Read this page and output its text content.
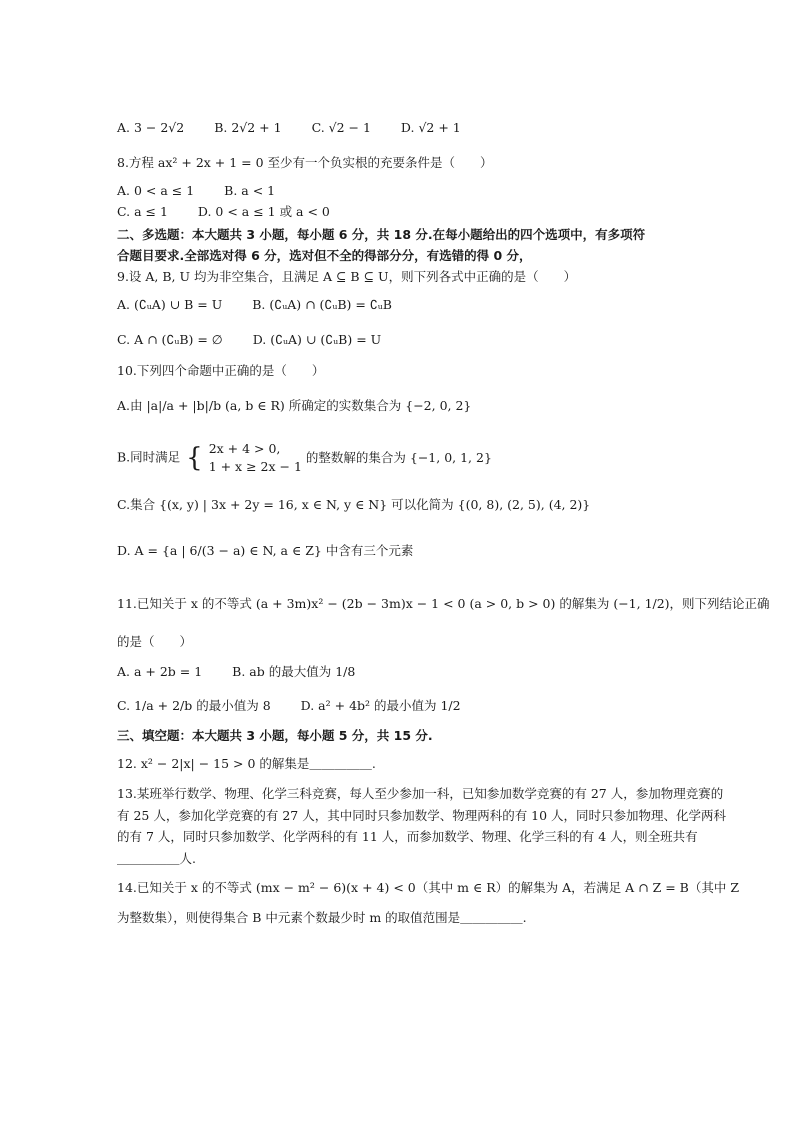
A. 3 − 2√2 B. 2√2 + 1 C. √2 − 1 D. √2 + 1
8.方程 ax² + 2x + 1 = 0 至少有一个负实根的充要条件是（　　）
A. 0 < a ≤ 1 B. a < 1
C. a ≤ 1 D. 0 < a ≤ 1 或 a < 0
二、多选题：本大题共 3 小题，每小题 6 分，共 18 分.在每小题给出的四个选项中，有多项符
合题目要求.全部选对得 6 分，选对但不全的得部分分，有选错的得 0 分，
9.设 A, B, U 均为非空集合，且满足 A ⊆ B ⊆ U，则下列各式中正确的是（　　）
A. (∁ᵤA) ∪ B = U B. (∁ᵤA) ∩ (∁ᵤB) = ∁ᵤB
C. A ∩ (∁ᵤB) = ∅ D. (∁ᵤA) ∪ (∁ᵤB) = U
10.下列四个命题中正确的是（　　）
A.由 |a|/a + |b|/b (a, b ∈ R) 所确定的实数集合为 {−2, 0, 2}
B.同时满足 { 2x + 4 > 0,
1 + x ≥ 2x − 1
的整数解的集合为 {−1, 0, 1, 2}
C.集合 {(x, y) | 3x + 2y = 16, x ∈ N, y ∈ N} 可以化简为 {(0, 8), (2, 5), (4, 2)}
D. A = {a | 6/(3 − a) ∈ N, a ∈ Z} 中含有三个元素
11.已知关于 x 的不等式 (a + 3m)x² − (2b − 3m)x − 1 < 0 (a > 0, b > 0) 的解集为 (−1, 1/2)，则下列结论正确
的是（　　）
A. a + 2b = 1 B. ab 的最大值为 1/8
C. 1/a + 2/b 的最小值为 8 D. a² + 4b² 的最小值为 1/2
三、填空题：本大题共 3 小题，每小题 5 分，共 15 分.
12. x² − 2|x| − 15 > 0 的解集是＿＿＿＿＿.
13.某班举行数学、物理、化学三科竞赛，每人至少参加一科，已知参加数学竞赛的有 27 人，参加物理竞赛的
有 25 人，参加化学竞赛的有 27 人，其中同时只参加数学、物理两科的有 10 人，同时只参加物理、化学两科
的有 7 人，同时只参加数学、化学两科的有 11 人，而参加数学、物理、化学三科的有 4 人，则全班共有
＿＿＿＿＿人.
14.已知关于 x 的不等式 (mx − m² − 6)(x + 4) < 0（其中 m ∈ R）的解集为 A，若满足 A ∩ Z = B（其中 Z
为整数集），则使得集合 B 中元素个数最少时 m 的取值范围是＿＿＿＿＿.
